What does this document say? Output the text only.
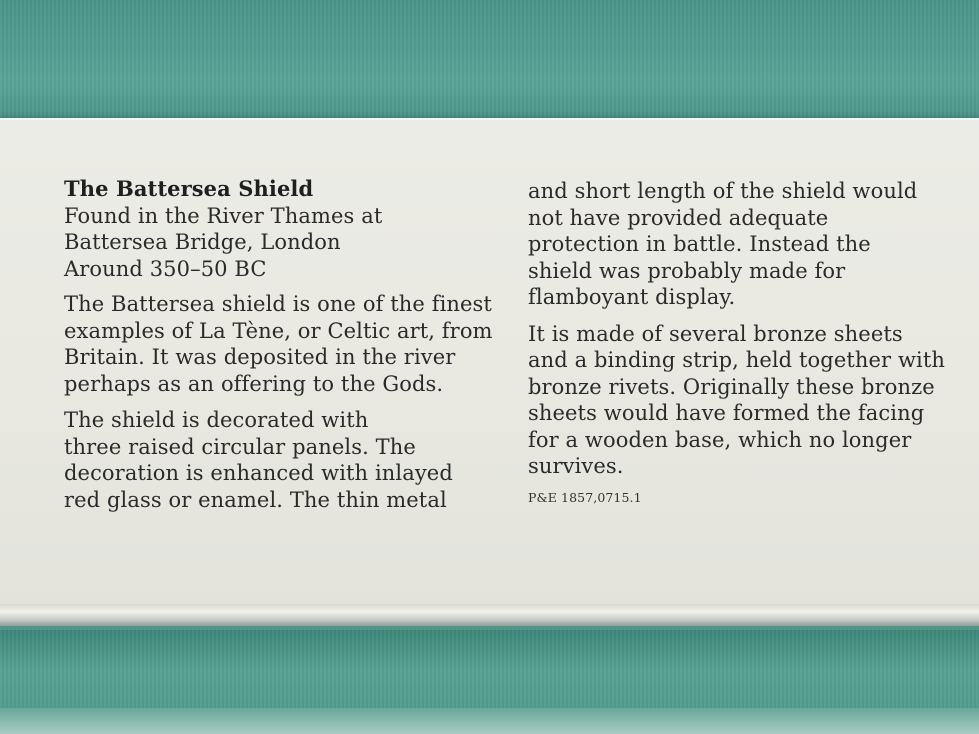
The Battersea Shield
Found in the River Thames at
Battersea Bridge, London
Around 350–50 BC

The Battersea shield is one of the finest examples of La Tène, or Celtic art, from Britain. It was deposited in the river perhaps as an offering to the Gods.

The shield is decorated with
three raised circular panels. The
decoration is enhanced with inlayed
red glass or enamel. The thin metal

and short length of the shield would
not have provided adequate
protection in battle. Instead the
shield was probably made for
flamboyant display.

It is made of several bronze sheets and a binding strip, held together with bronze rivets. Originally these bronze sheets would have formed the facing for a wooden base, which no longer survives.

P&E 1857,0715.1
